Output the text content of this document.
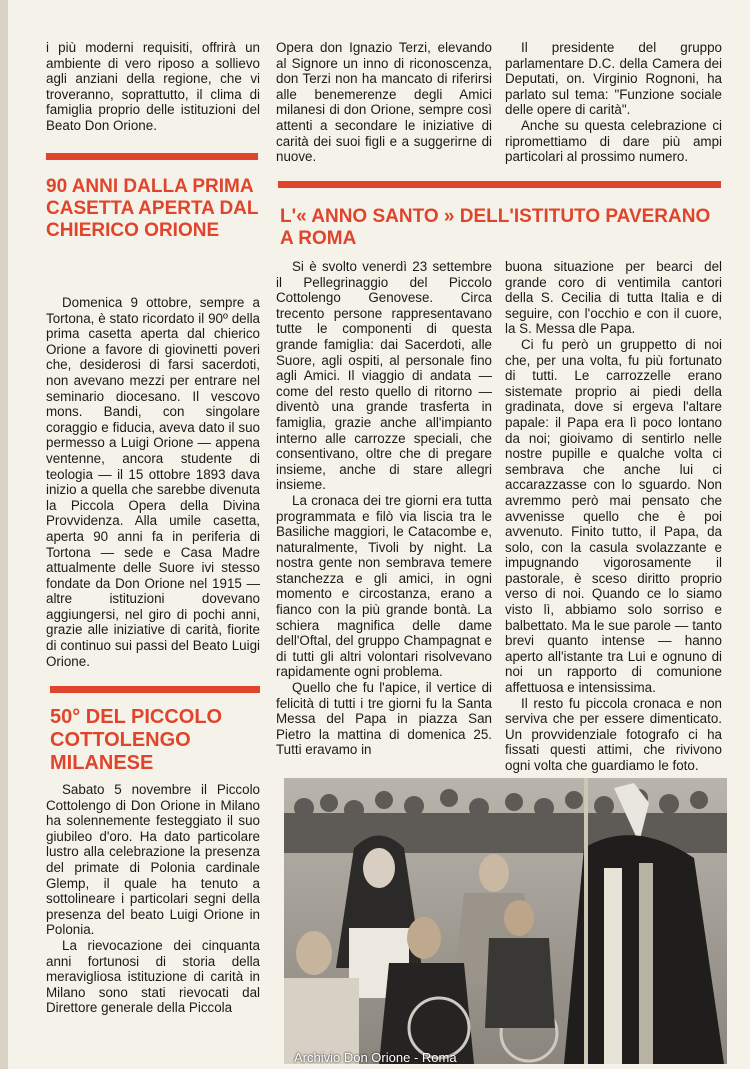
i più moderni requisiti, offrirà un ambiente di vero riposo a sollievo agli anziani della regione, che vi troveranno, soprattutto, il clima di famiglia proprio delle istituzioni del Beato Don Orione.

90 ANNI DALLA PRIMA CASETTA APERTA DAL CHIERICO ORIONE

Domenica 9 ottobre, sempre a Tortona, è stato ricordato il 90º della prima casetta aperta dal chierico Orione a favore di giovinetti poveri che, desiderosi di farsi sacerdoti, non avevano mezzi per entrare nel seminario diocesano. Il vescovo mons. Bandi, con singolare coraggio e fiducia, aveva dato il suo permesso a Luigi Orione — appena ventenne, ancora studente di teologia — il 15 ottobre 1893 dava inizio a quella che sarebbe divenuta la Piccola Opera della Divina Provvidenza. Alla umile casetta, aperta 90 anni fa in periferia di Tortona — sede e Casa Madre attualmente delle Suore ivi stesso fondate da Don Orione nel 1915 — altre istituzioni dovevano aggiungersi, nel giro di pochi anni, grazie alle iniziative di carità, fiorite di continuo sui passi del Beato Luigi Orione.

50° DEL PICCOLO COTTOLENGO MILANESE

Sabato 5 novembre il Piccolo Cottolengo di Don Orione in Milano ha solennemente festeggiato il suo giubileo d'oro. Ha dato particolare lustro alla celebrazione la presenza del primate di Polonia cardinale Glemp, il quale ha tenuto a sottolineare i particolari segni della presenza del beato Luigi Orione in Polonia.

La rievocazione dei cinquanta anni fortunosi di storia della meravigliosa istituzione di carità in Milano sono stati rievocati dal Direttore generale della Piccola

Opera don Ignazio Terzi, elevando al Signore un inno di riconoscenza, don Terzi non ha mancato di riferirsi alle benemerenze degli Amici milanesi di don Orione, sempre così attenti a secondare le iniziative di carità dei suoi figli e a suggerirne di nuove.

Il presidente del gruppo parlamentare D.C. della Camera dei Deputati, on. Virginio Rognoni, ha parlato sul tema: "Funzione sociale delle opere di carità".

Anche su questa celebrazione ci ripromettiamo di dare più ampi particolari al prossimo numero.

L'« ANNO SANTO » DELL'ISTITUTO PAVERANO A ROMA

Si è svolto venerdì 23 settembre il Pellegrinaggio del Piccolo Cottolengo Genovese. Circa trecento persone rappresentavano tutte le componenti di questa grande famiglia: dai Sacerdoti, alle Suore, agli ospiti, al personale fino agli Amici. Il viaggio di andata — come del resto quello di ritorno — diventò una grande trasferta in famiglia, grazie anche all'impianto interno alle carrozze speciali, che consentivano, oltre che di pregare insieme, anche di stare allegri insieme.

La cronaca dei tre giorni era tutta programmata e filò via liscia tra le Basiliche maggiori, le Catacombe e, naturalmente, Tivoli by night. La nostra gente non sembrava temere stanchezza e gli amici, in ogni momento e circostanza, erano a fianco con la più grande bontà. La schiera magnifica delle dame dell'Oftal, del gruppo Champagnat e di tutti gli altri volontari risolvevano rapidamente ogni problema.

Quello che fu l'apice, il vertice di felicità di tutti i tre giorni fu la Santa Messa del Papa in piazza San Pietro la mattina di domenica 25. Tutti eravamo in

buona situazione per bearci del grande coro di ventimila cantori della S. Cecilia di tutta Italia e di seguire, con l'occhio e con il cuore, la S. Messa dle Papa.

Ci fu però un gruppetto di noi che, per una volta, fu più fortunato di tutti. Le carrozzelle erano sistemate proprio ai piedi della gradinata, dove si ergeva l'altare papale: il Papa era lì poco lontano da noi; gioivamo di sentirlo nelle nostre pupille e qualche volta ci sembrava che anche lui ci accarazzasse con lo sguardo. Non avremmo però mai pensato che avvenisse quello che è poi avvenuto. Finito tutto, il Papa, da solo, con la casula svolazzante e impugnando vigorosamente il pastorale, è sceso diritto proprio verso di noi. Quando ce lo siamo visto lì, abbiamo solo sorriso e balbettato. Ma le sue parole — tanto brevi quanto intense — hanno aperto all'istante tra Lui e ognuno di noi un rapporto di comunione affettuosa e intensissima.

Il resto fu piccola cronaca e non serviva che per essere dimenticato. Un provvidenziale fotografo ci ha fissati questi attimi, che rivivono ogni volta che guardiamo le foto.

Archivio Don Orione - Roma
